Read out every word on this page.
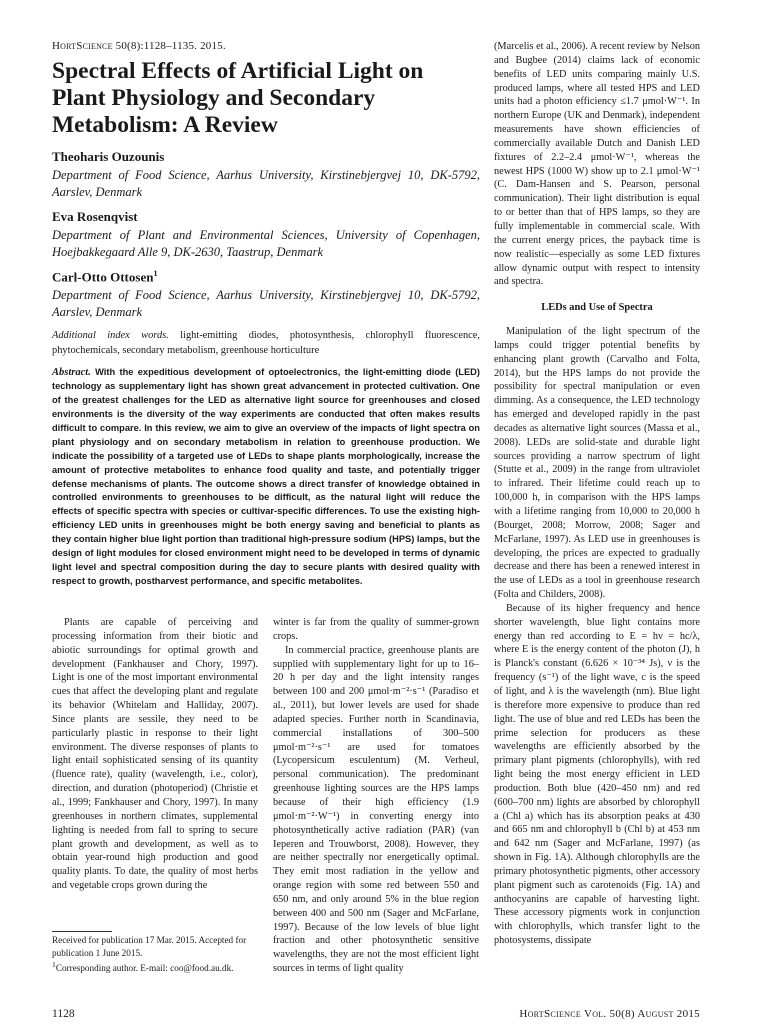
HortScience 50(8):1128–1135. 2015.
Spectral Effects of Artificial Light on Plant Physiology and Secondary Metabolism: A Review
Theoharis Ouzounis

Department of Food Science, Aarhus University, Kirstinebjergvej 10, DK-5792, Aarslev, Denmark

Eva Rosenqvist

Department of Plant and Environmental Sciences, University of Copenhagen, Hoejbakkegaard Alle 9, DK-2630, Taastrup, Denmark

Carl-Otto Ottosen$^1$

Department of Food Science, Aarhus University, Kirstinebjergvej 10, DK-5792, Aarslev, Denmark

Additional index words. light-emitting diodes, photosynthesis, chlorophyll fluorescence, phytochemicals, secondary metabolism, greenhouse horticulture

Abstract. With the expeditious development of optoelectronics, the light-emitting diode (LED) technology as supplementary light has shown great advancement in protected cultivation. One of the greatest challenges for the LED as alternative light source for greenhouses and closed environments is the diversity of the way experiments are conducted that often makes results difficult to compare. In this review, we aim to give an overview of the impacts of light spectra on plant physiology and on secondary metabolism in relation to greenhouse production. We indicate the possibility of a targeted use of LEDs to shape plants morphologically, increase the amount of protective metabolites to enhance food quality and taste, and potentially trigger defense mechanisms of plants. The outcome shows a direct transfer of knowledge obtained in controlled environments to greenhouses to be difficult, as the natural light will reduce the effects of specific spectra with species or cultivar-specific differences. To use the existing high-efficiency LED units in greenhouses might be both energy saving and beneficial to plants as they contain higher blue light portion than traditional high-pressure sodium (HPS) lamps, but the design of light modules for closed environment might need to be developed in terms of dynamic light level and spectral composition during the day to secure plants with desired quality with respect to growth, postharvest performance, and specific metabolites.

(Marcelis et al., 2006). A recent review by Nelson and Bugbee (2014) claims lack of economic benefits of LED units comparing mainly U.S. produced lamps, where all tested HPS and LED units had a photon efficiency ≤1.7 μmol·W⁻¹. In northern Europe (UK and Denmark), independent measurements have shown efficiencies of commercially available Dutch and Danish LED fixtures of 2.2–2.4 μmol·W⁻¹, whereas the newest HPS (1000 W) show up to 2.1 μmol·W⁻¹ (C. Dam-Hansen and S. Pearson, personal communication). Their light distribution is equal to or better than that of HPS lamps, so they are fully implementable in commercial scale. With the current energy prices, the payback time is now realistic—especially as some LED fixtures allow dynamic output with respect to intensity and spectra.

LEDs and Use of Spectra

Manipulation of the light spectrum of the lamps could trigger potential benefits by enhancing plant growth (Carvalho and Folta, 2014), but the HPS lamps do not provide the possibility for spectral manipulation or even dimming. As a consequence, the LED technology has emerged and developed rapidly in the past decades as alternative light sources (Massa et al., 2008). LEDs are solid-state and durable light sources providing a narrow spectrum of light (Stutte et al., 2009) in the range from ultraviolet to infrared. Their lifetime could reach up to 100,000 h, in comparison with the HPS lamps with a lifetime ranging from 10,000 to 20,000 h (Bourget, 2008; Morrow, 2008; Sager and McFarlane, 1997). As LED use in greenhouses is developing, the prices are expected to gradually decrease and there has been a renewed interest in the use of LEDs as a tool in greenhouse research (Folta and Childers, 2008).

Because of its higher frequency and hence shorter wavelength, blue light contains more energy than red according to E = hν = hc/λ, where E is the energy content of the photon (J), h is Planck's constant (6.626 × 10⁻³⁴ Js), ν is the frequency (s⁻¹) of the light wave, c is the speed of light, and λ is the wavelength (nm). Blue light is therefore more expensive to produce than red light. The use of blue and red LEDs has been the prime selection for producers as these wavelengths are efficiently absorbed by the primary plant pigments (chlorophylls), with red light being the most energy efficient in LED production. Both blue (420–450 nm) and red (600–700 nm) lights are absorbed by chlorophyll a (Chl a) which has its absorption peaks at 430 and 665 nm and chlorophyll b (Chl b) at 453 nm and 642 nm (Sager and McFarlane, 1997) (as shown in Fig. 1A). Although chlorophylls are the primary photosynthetic pigments, other accessory plant pigment such as carotenoids (Fig. 1A) and anthocyanins are capable of harvesting light. These accessory pigments work in conjunction with chlorophylls, which transfer light to the photosystems, dissipate

Plants are capable of perceiving and processing information from their biotic and abiotic surroundings for optimal growth and development (Fankhauser and Chory, 1997). Light is one of the most important environmental cues that affect the developing plant and regulate its behavior (Whitelam and Halliday, 2007). Since plants are sessile, they need to be particularly plastic in response to their light environment. The diverse responses of plants to light entail sophisticated sensing of its quantity (fluence rate), quality (wavelength, i.e., color), direction, and duration (photoperiod) (Christie et al., 1999; Fankhauser and Chory, 1997). In many greenhouses in northern climates, supplemental lighting is needed from fall to spring to secure plant growth and development, as well as to obtain year-round high production and good quality plants. To date, the quality of most herbs and vegetable crops grown during the

winter is far from the quality of summer-grown crops.

In commercial practice, greenhouse plants are supplied with supplementary light for up to 16–20 h per day and the light intensity ranges between 100 and 200 μmol·m⁻²·s⁻¹ (Paradiso et al., 2011), but lower levels are used for shade adapted species. Further north in Scandinavia, commercial installations of 300–500 μmol·m⁻²·s⁻¹ are used for tomatoes (Lycopersicum esculentum) (M. Verheul, personal communication). The predominant greenhouse lighting sources are the HPS lamps because of their high efficiency (1.9 μmol·m⁻²·W⁻¹) in converting energy into photosynthetically active radiation (PAR) (van Ieperen and Trouwborst, 2008). However, they are neither spectrally nor energetically optimal. They emit most radiation in the yellow and orange region with some red between 550 and 650 nm, and only around 5% in the blue region between 400 and 500 nm (Sager and McFarlane, 1997). Because of the low levels of blue light fraction and other photosynthetic sensitive wavelengths, they are not the most efficient light sources in terms of light quality

Received for publication 17 Mar. 2015. Accepted for publication 1 June 2015.

$^1$Corresponding author. E-mail: coo@food.au.dk.

1128	HortScience Vol. 50(8) August 2015
